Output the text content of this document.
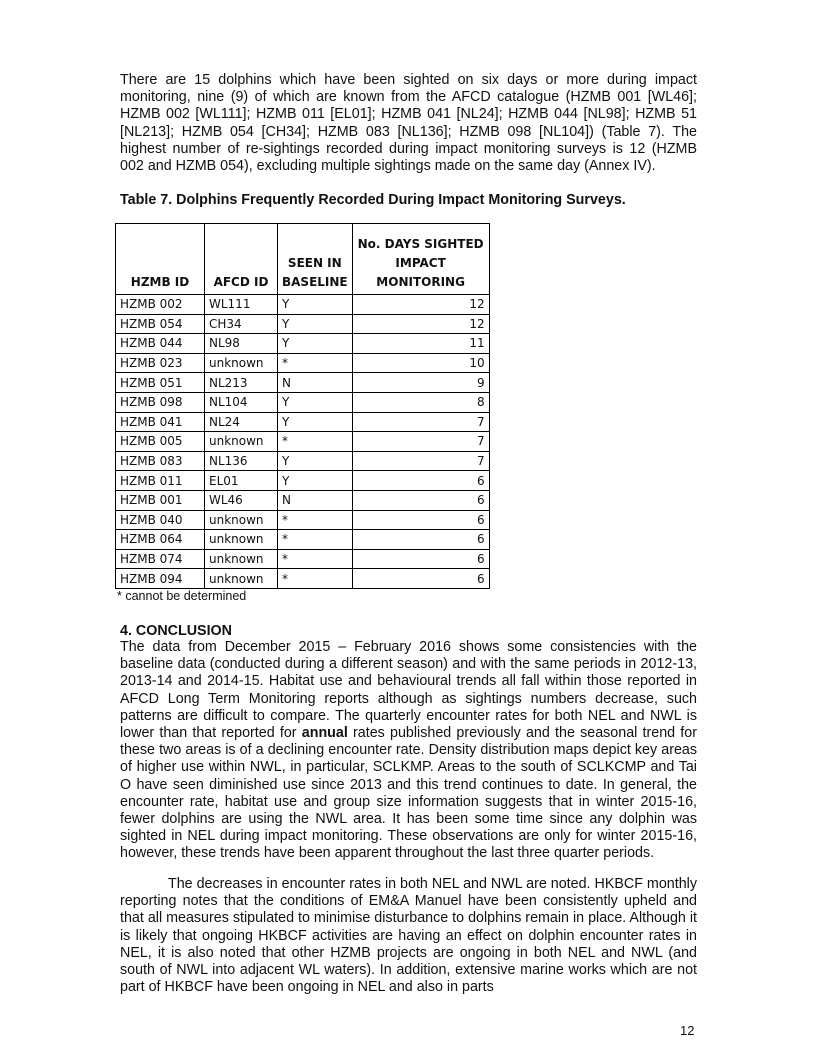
There are 15 dolphins which have been sighted on six days or more during impact monitoring, nine (9) of which are known from the AFCD catalogue (HZMB 001 [WL46]; HZMB 002 [WL111]; HZMB 011 [EL01]; HZMB 041 [NL24]; HZMB 044 [NL98]; HZMB 51 [NL213]; HZMB 054 [CH34]; HZMB 083 [NL136]; HZMB 098 [NL104]) (Table 7). The highest number of re-sightings recorded during impact monitoring surveys is 12 (HZMB 002 and HZMB 054), excluding multiple sightings made on the same day (Annex IV).

Table 7. Dolphins Frequently Recorded During Impact Monitoring Surveys.

HZMB ID	AFCD ID	SEEN IN BASELINE	No. DAYS SIGHTED IMPACT MONITORING
HZMB 002	WL111	Y	12
HZMB 054	CH34	Y	12
HZMB 044	NL98	Y	11
HZMB 023	unknown	*	10
HZMB 051	NL213	N	9
HZMB 098	NL104	Y	8
HZMB 041	NL24	Y	7
HZMB 005	unknown	*	7
HZMB 083	NL136	Y	7
HZMB 011	EL01	Y	6
HZMB 001	WL46	N	6
HZMB 040	unknown	*	6
HZMB 064	unknown	*	6
HZMB 074	unknown	*	6
HZMB 094	unknown	*	6

* cannot be determined

4. CONCLUSION

The data from December 2015 – February 2016 shows some consistencies with the baseline data (conducted during a different season) and with the same periods in 2012-13, 2013-14 and 2014-15. Habitat use and behavioural trends all fall within those reported in AFCD Long Term Monitoring reports although as sightings numbers decrease, such patterns are difficult to compare. The quarterly encounter rates for both NEL and NWL is lower than that reported for annual rates published previously and the seasonal trend for these two areas is of a declining encounter rate. Density distribution maps depict key areas of higher use within NWL, in particular, SCLKMP. Areas to the south of SCLKCMP and Tai O have seen diminished use since 2013 and this trend continues to date. In general, the encounter rate, habitat use and group size information suggests that in winter 2015-16, fewer dolphins are using the NWL area. It has been some time since any dolphin was sighted in NEL during impact monitoring. These observations are only for winter 2015-16, however, these trends have been apparent throughout the last three quarter periods.

The decreases in encounter rates in both NEL and NWL are noted. HKBCF monthly reporting notes that the conditions of EM&A Manuel have been consistently upheld and that all measures stipulated to minimise disturbance to dolphins remain in place. Although it is likely that ongoing HKBCF activities are having an effect on dolphin encounter rates in NEL, it is also noted that other HZMB projects are ongoing in both NEL and NWL (and south of NWL into adjacent WL waters). In addition, extensive marine works which are not part of HKBCF have been ongoing in NEL and also in parts

12
